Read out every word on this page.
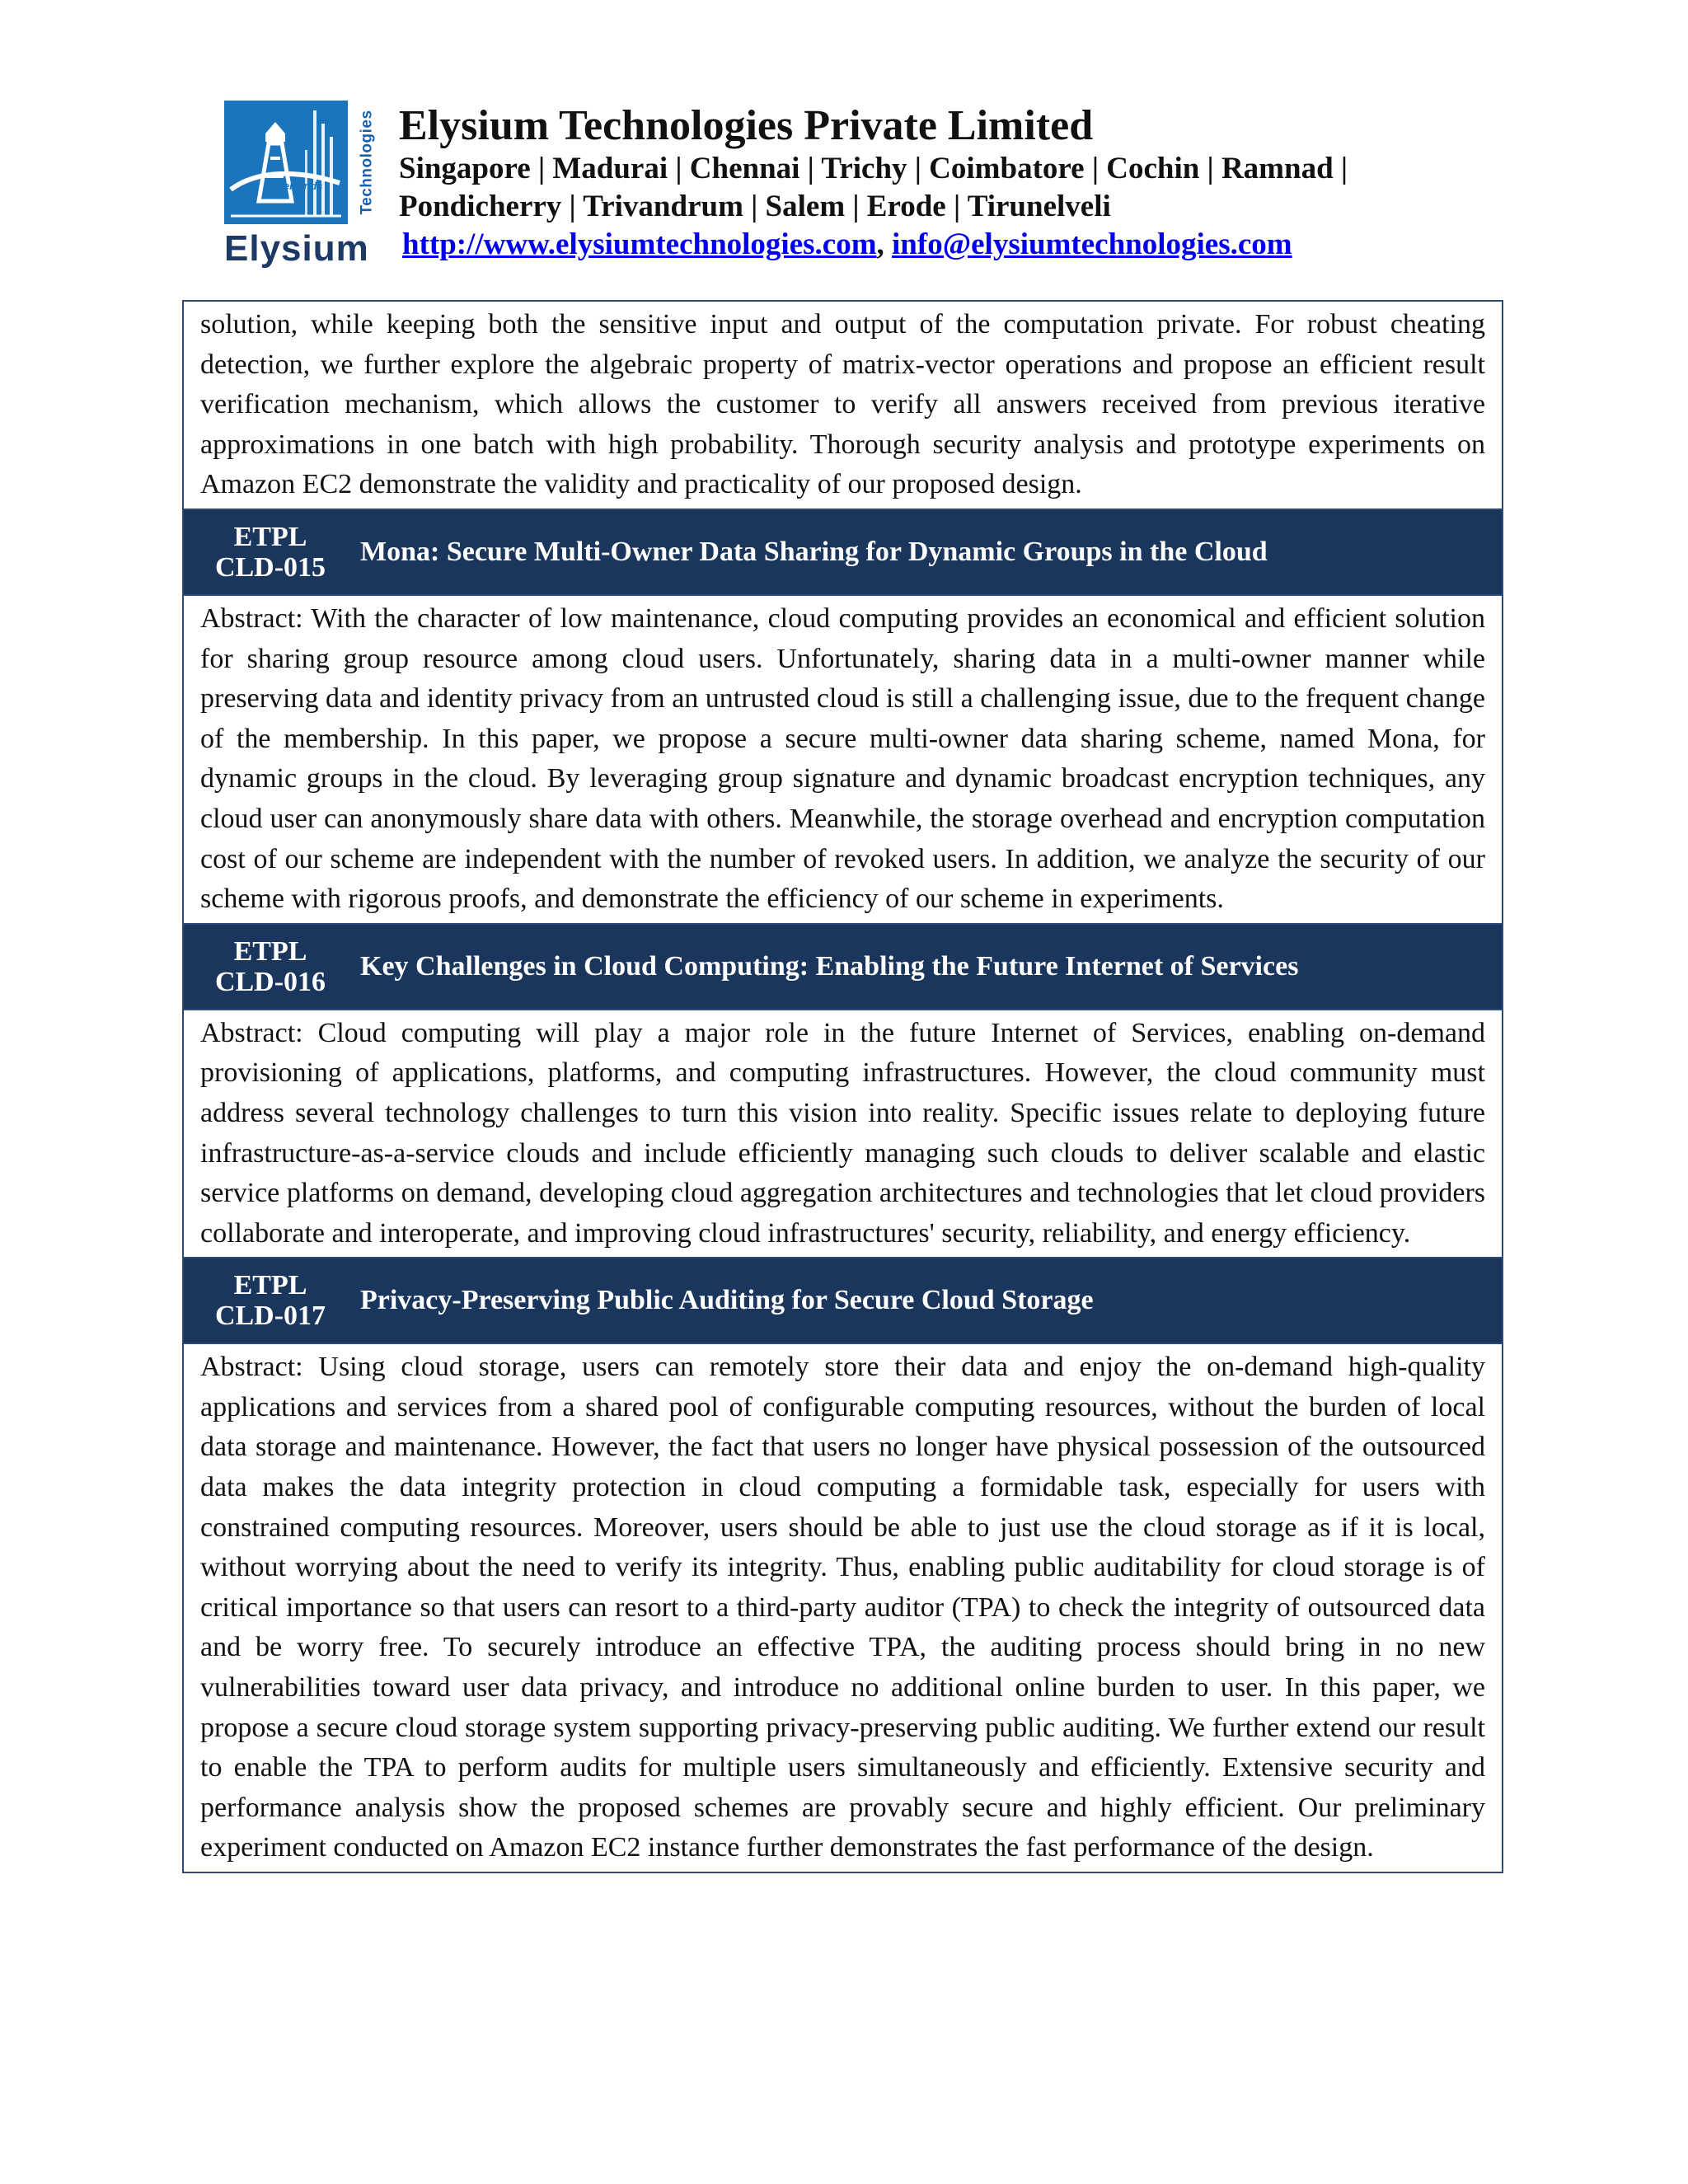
Never Ends Technologies
Elysium
Elysium Technologies Private Limited
Singapore | Madurai | Chennai | Trichy | Coimbatore | Cochin | Ramnad | Pondicherry | Trivandrum | Salem | Erode | Tirunelveli
http://www.elysiumtechnologies.com, info@elysiumtechnologies.com
solution, while keeping both the sensitive input and output of the computation private. For robust cheating detection, we further explore the algebraic property of matrix-vector operations and propose an efficient result verification mechanism, which allows the customer to verify all answers received from previous iterative approximations in one batch with high probability. Thorough security analysis and prototype experiments on Amazon EC2 demonstrate the validity and practicality of our proposed design.
ETPL
CLD-015
Mona: Secure Multi-Owner Data Sharing for Dynamic Groups in the Cloud
Abstract: With the character of low maintenance, cloud computing provides an economical and efficient solution for sharing group resource among cloud users. Unfortunately, sharing data in a multi-owner manner while preserving data and identity privacy from an untrusted cloud is still a challenging issue, due to the frequent change of the membership. In this paper, we propose a secure multi-owner data sharing scheme, named Mona, for dynamic groups in the cloud. By leveraging group signature and dynamic broadcast encryption techniques, any cloud user can anonymously share data with others. Meanwhile, the storage overhead and encryption computation cost of our scheme are independent with the number of revoked users. In addition, we analyze the security of our scheme with rigorous proofs, and demonstrate the efficiency of our scheme in experiments.
ETPL
CLD-016
Key Challenges in Cloud Computing: Enabling the Future Internet of Services
Abstract: Cloud computing will play a major role in the future Internet of Services, enabling on-demand provisioning of applications, platforms, and computing infrastructures. However, the cloud community must address several technology challenges to turn this vision into reality. Specific issues relate to deploying future infrastructure-as-a-service clouds and include efficiently managing such clouds to deliver scalable and elastic service platforms on demand, developing cloud aggregation architectures and technologies that let cloud providers collaborate and interoperate, and improving cloud infrastructures' security, reliability, and energy efficiency.
ETPL
CLD-017
Privacy-Preserving Public Auditing for Secure Cloud Storage
Abstract: Using cloud storage, users can remotely store their data and enjoy the on-demand high-quality applications and services from a shared pool of configurable computing resources, without the burden of local data storage and maintenance. However, the fact that users no longer have physical possession of the outsourced data makes the data integrity protection in cloud computing a formidable task, especially for users with constrained computing resources. Moreover, users should be able to just use the cloud storage as if it is local, without worrying about the need to verify its integrity. Thus, enabling public auditability for cloud storage is of critical importance so that users can resort to a third-party auditor (TPA) to check the integrity of outsourced data and be worry free. To securely introduce an effective TPA, the auditing process should bring in no new vulnerabilities toward user data privacy, and introduce no additional online burden to user. In this paper, we propose a secure cloud storage system supporting privacy-preserving public auditing. We further extend our result to enable the TPA to perform audits for multiple users simultaneously and efficiently. Extensive security and performance analysis show the proposed schemes are provably secure and highly efficient. Our preliminary experiment conducted on Amazon EC2 instance further demonstrates the fast performance of the design.
